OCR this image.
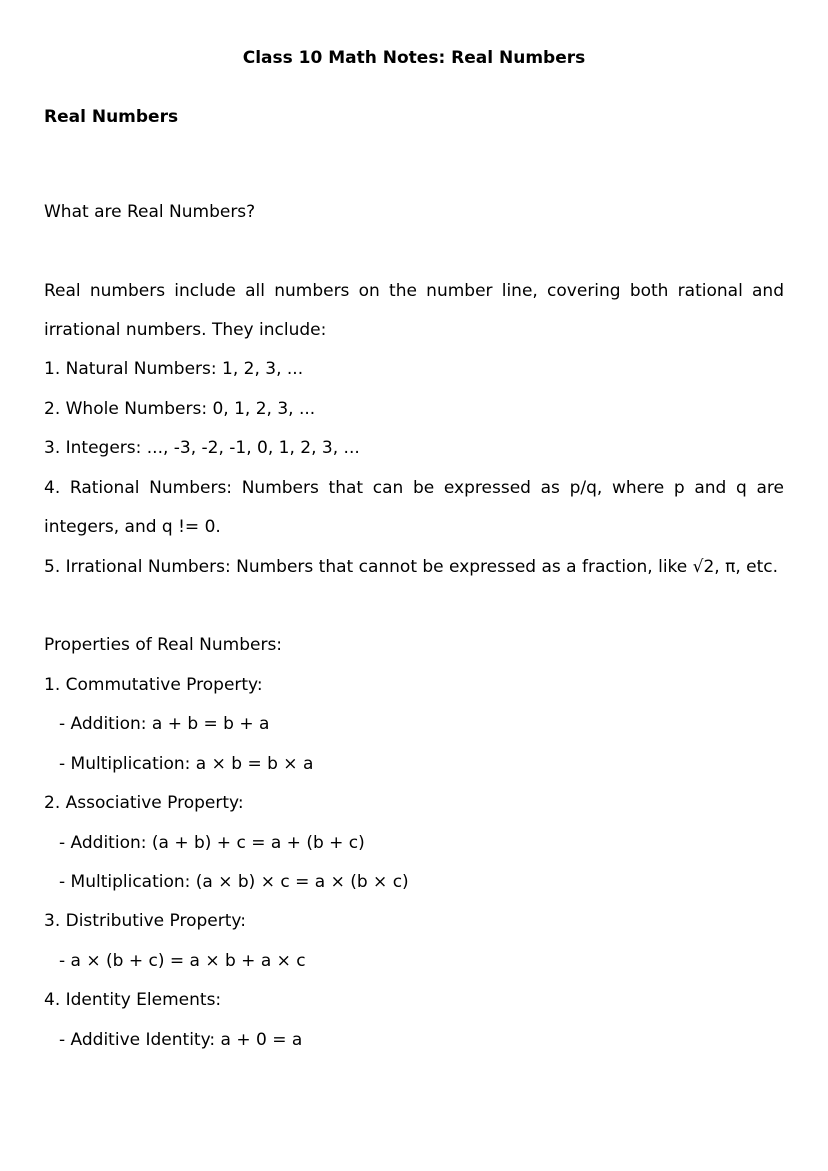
Class 10 Math Notes: Real Numbers
Real Numbers

What are Real Numbers?

Real numbers include all numbers on the number line, covering both rational and

irrational numbers. They include:

1. Natural Numbers: 1, 2, 3, ...

2. Whole Numbers: 0, 1, 2, 3, ...

3. Integers: ..., -3, -2, -1, 0, 1, 2, 3, ...

4. Rational Numbers: Numbers that can be expressed as p/q, where p and q are

integers, and q != 0.

5. Irrational Numbers: Numbers that cannot be expressed as a fraction, like √2, π, etc.

Properties of Real Numbers:

1. Commutative Property:

- Addition: a + b = b + a

- Multiplication: a × b = b × a

2. Associative Property:

- Addition: (a + b) + c = a + (b + c)

- Multiplication: (a × b) × c = a × (b × c)

3. Distributive Property:

- a × (b + c) = a × b + a × c

4. Identity Elements:

- Additive Identity: a + 0 = a
